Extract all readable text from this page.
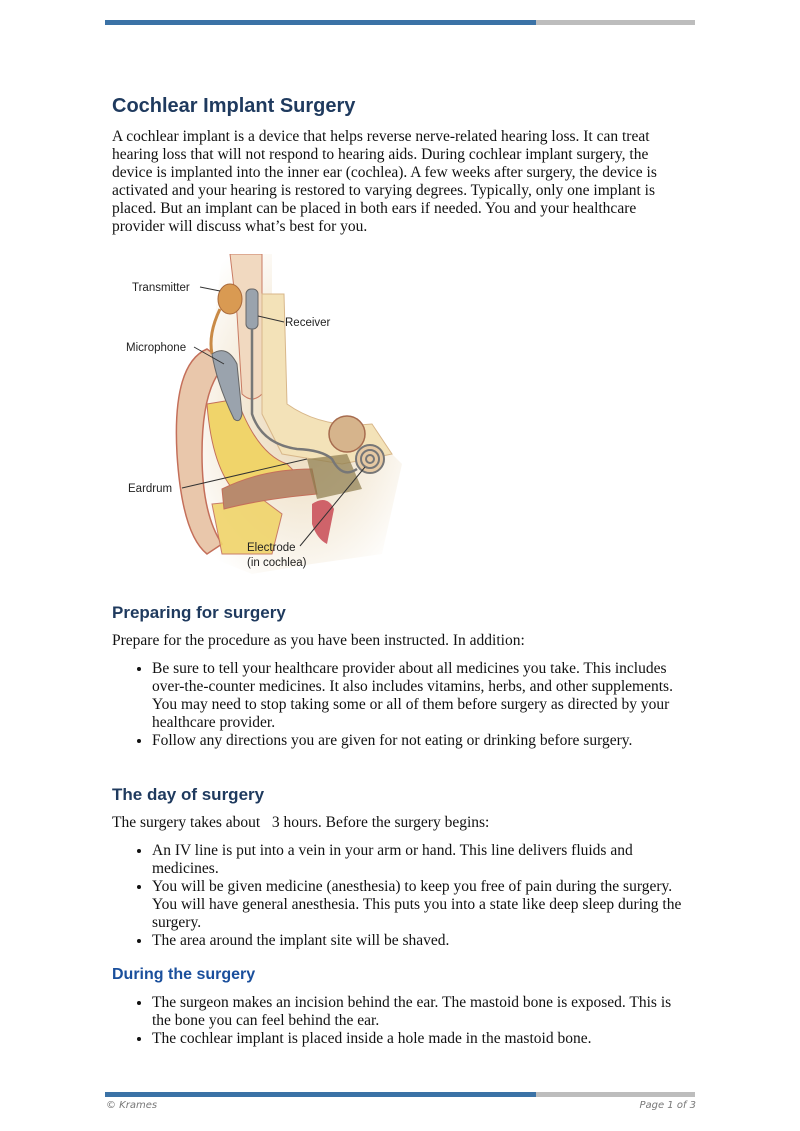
Cochlear Implant Surgery

A cochlear implant is a device that helps reverse nerve-related hearing loss. It can treat hearing loss that will not respond to hearing aids. During cochlear implant surgery, the device is implanted into the inner ear (cochlea). A few weeks after surgery, the device is activated and your hearing is restored to varying degrees. Typically, only one implant is placed. But an implant can be placed in both ears if needed. You and your healthcare provider will discuss what’s best for you.

Transmitter
Receiver
Microphone
Eardrum
Electrode
(in cochlea)
Preparing for surgery

Prepare for the procedure as you have been instructed. In addition:

• Be sure to tell your healthcare provider about all medicines you take. This includes over-the-counter medicines. It also includes vitamins, herbs, and other supplements. You may need to stop taking some or all of them before surgery as directed by your healthcare provider.
• Follow any directions you are given for not eating or drinking before surgery.
The day of surgery

The surgery takes about   3 hours. Before the surgery begins:

• An IV line is put into a vein in your arm or hand. This line delivers fluids and medicines.
• You will be given medicine (anesthesia) to keep you free of pain during the surgery. You will have general anesthesia. This puts you into a state like deep sleep during the surgery.
• The area around the implant site will be shaved.
During the surgery
• The surgeon makes an incision behind the ear. The mastoid bone is exposed. This is the bone you can feel behind the ear.
• The cochlear implant is placed inside a hole made in the mastoid bone.
© Krames	Page 1 of 3
